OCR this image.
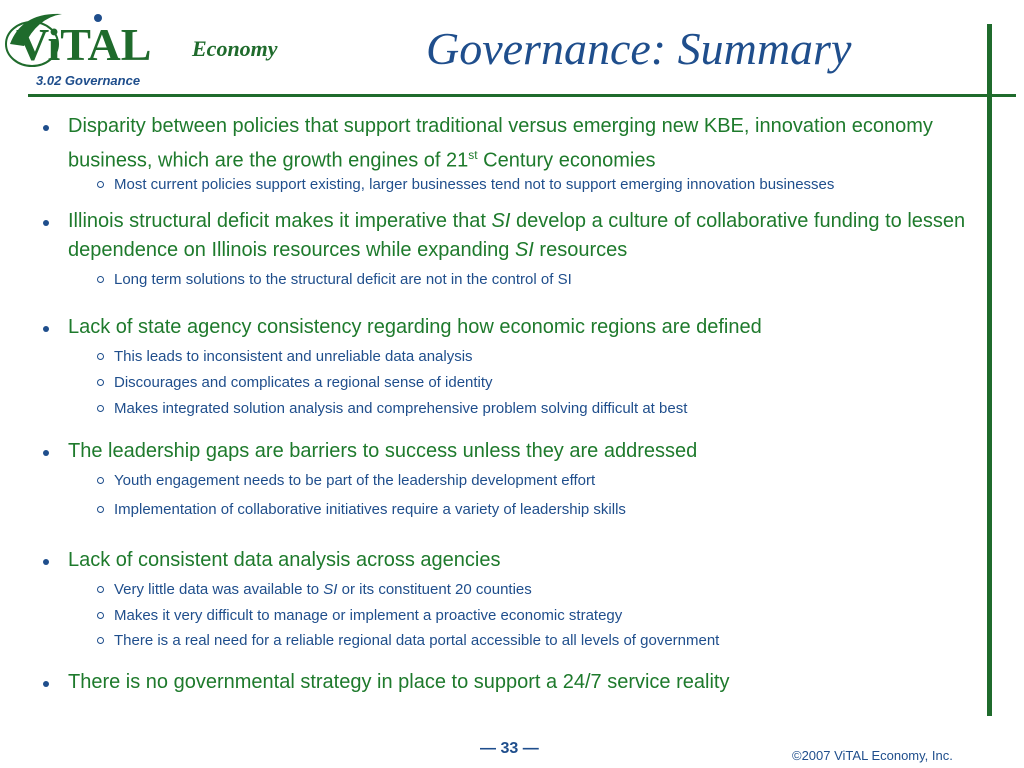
ViTAL Economy
3.02 Governance
Governance: Summary
Disparity between policies that support traditional versus emerging new KBE, innovation economy business, which are the growth engines of 21st Century economies
Most current policies support existing, larger businesses tend not to support emerging innovation businesses
Illinois structural deficit makes it imperative that SI develop a culture of collaborative funding to lessen dependence on Illinois resources while expanding SI resources
Long term solutions to the structural deficit are not in the control of SI
Lack of state agency consistency regarding how economic regions are defined
This leads to inconsistent and unreliable data analysis
Discourages and complicates a regional sense of identity
Makes integrated solution analysis and comprehensive problem solving difficult at best
The leadership gaps are barriers to success unless they are addressed
Youth engagement needs to be part of the leadership development effort
Implementation of collaborative initiatives require a variety of leadership skills
Lack of consistent data analysis across agencies
Very little data was available to SI or its constituent 20 counties
Makes it very difficult to manage or implement a proactive economic strategy
There is a real need for a reliable regional data portal accessible to all levels of government
There is no governmental strategy in place to support a 24/7 service reality
— 33 —	©2007 ViTAL Economy, Inc.
